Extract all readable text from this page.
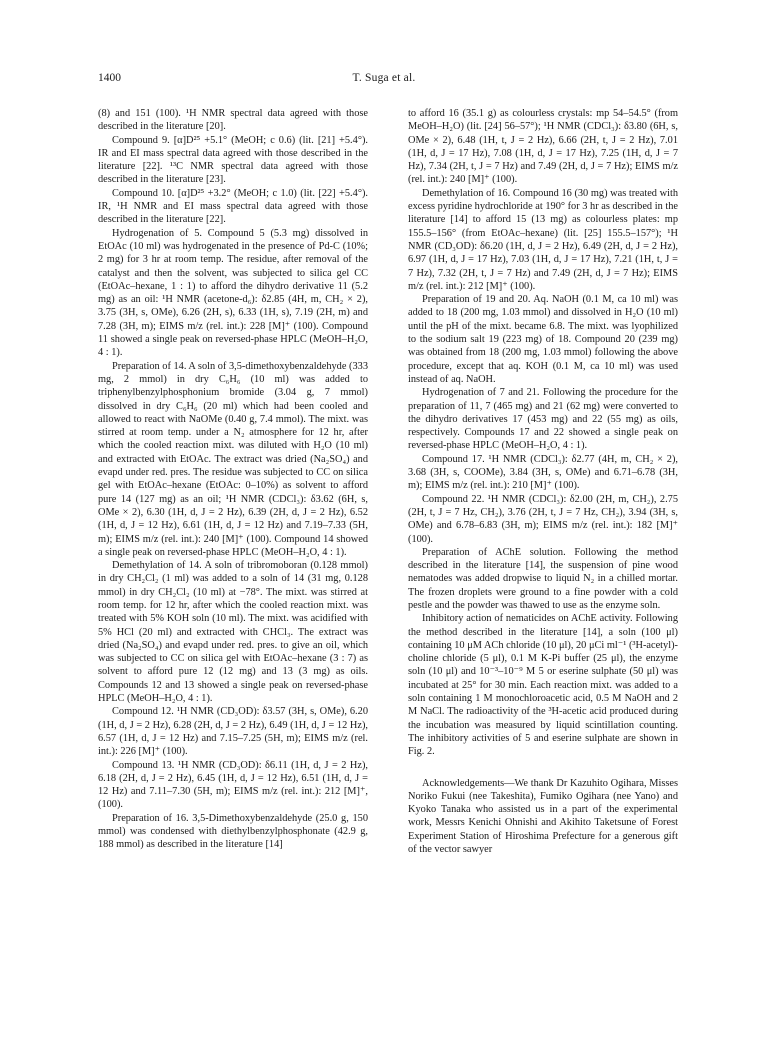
1400	T. Suga et al.

(8) and 151 (100). ¹H NMR spectral data agreed with those described in the literature [20].

Compound 9. [α]D²⁵ +5.1° (MeOH; c 0.6) (lit. [21] +5.4°). IR and EI mass spectral data agreed with those described in the literature [22]. ¹³C NMR spectral data agreed with those described in the literature [23].

Compound 10. [α]D²⁵ +3.2° (MeOH; c 1.0) (lit. [22] +5.4°). IR, ¹H NMR and EI mass spectral data agreed with those described in the literature [22].

Hydrogenation of 5. Compound 5 (5.3 mg) dissolved in EtOAc (10 ml) was hydrogenated in the presence of Pd-C (10%; 2 mg) for 3 hr at room temp. The residue, after removal of the catalyst and then the solvent, was subjected to silica gel CC (EtOAc–hexane, 1 : 1) to afford the dihydro derivative 11 (5.2 mg) as an oil: ¹H NMR (acetone-d₆): δ2.85 (4H, m, CH₂ × 2), 3.75 (3H, s, OMe), 6.26 (2H, s), 6.33 (1H, s), 7.19 (2H, m) and 7.28 (3H, m); EIMS m/z (rel. int.): 228 [M]⁺ (100). Compound 11 showed a single peak on reversed-phase HPLC (MeOH–H₂O, 4 : 1).

Preparation of 14. A soln of 3,5-dimethoxybenzaldehyde (333 mg, 2 mmol) in dry C₆H₆ (10 ml) was added to triphenylbenzylphosphonium bromide (3.04 g, 7 mmol) dissolved in dry C₆H₆ (20 ml) which had been cooled and allowed to react with NaOMe (0.40 g, 7.4 mmol). The mixt. was stirred at room temp. under a N₂ atmosphere for 12 hr, after which the cooled reaction mixt. was diluted with H₂O (10 ml) and extracted with EtOAc. The extract was dried (Na₂SO₄) and evapd under red. pres. The residue was subjected to CC on silica gel with EtOAc–hexane (EtOAc: 0–10%) as solvent to afford pure 14 (127 mg) as an oil; ¹H NMR (CDCl₃): δ3.62 (6H, s, OMe × 2), 6.30 (1H, d, J = 2 Hz), 6.39 (2H, d, J = 2 Hz), 6.52 (1H, d, J = 12 Hz), 6.61 (1H, d, J = 12 Hz) and 7.19–7.33 (5H, m); EIMS m/z (rel. int.): 240 [M]⁺ (100). Compound 14 showed a single peak on reversed-phase HPLC (MeOH–H₂O, 4 : 1).

Demethylation of 14. A soln of tribromoboran (0.128 mmol) in dry CH₂Cl₂ (1 ml) was added to a soln of 14 (31 mg, 0.128 mmol) in dry CH₂Cl₂ (10 ml) at −78°. The mixt. was stirred at room temp. for 12 hr, after which the cooled reaction mixt. was treated with 5% KOH soln (10 ml). The mixt. was acidified with 5% HCl (20 ml) and extracted with CHCl₃. The extract was dried (Na₂SO₄) and evapd under red. pres. to give an oil, which was subjected to CC on silica gel with EtOAc–hexane (3 : 7) as solvent to afford pure 12 (12 mg) and 13 (3 mg) as oils. Compounds 12 and 13 showed a single peak on reversed-phase HPLC (MeOH–H₂O, 4 : 1).

Compound 12. ¹H NMR (CD₃OD): δ3.57 (3H, s, OMe), 6.20 (1H, d, J = 2 Hz), 6.28 (2H, d, J = 2 Hz), 6.49 (1H, d, J = 12 Hz), 6.57 (1H, d, J = 12 Hz) and 7.15–7.25 (5H, m); EIMS m/z (rel. int.): 226 [M]⁺ (100).

Compound 13. ¹H NMR (CD₃OD): δ6.11 (1H, d, J = 2 Hz), 6.18 (2H, d, J = 2 Hz), 6.45 (1H, d, J = 12 Hz), 6.51 (1H, d, J = 12 Hz) and 7.11–7.30 (5H, m); EIMS m/z (rel. int.): 212 [M]⁺, (100).

Preparation of 16. 3,5-Dimethoxybenzaldehyde (25.0 g, 150 mmol) was condensed with diethylbenzylphosphonate (42.9 g, 188 mmol) as described in the literature [14]

to afford 16 (35.1 g) as colourless crystals: mp 54–54.5° (from MeOH–H₂O) (lit. [24] 56–57°); ¹H NMR (CDCl₃): δ3.80 (6H, s, OMe × 2), 6.48 (1H, t, J = 2 Hz), 6.66 (2H, t, J = 2 Hz), 7.01 (1H, d, J = 17 Hz), 7.08 (1H, d, J = 17 Hz), 7.25 (1H, d, J = 7 Hz), 7.34 (2H, t, J = 7 Hz) and 7.49 (2H, d, J = 7 Hz); EIMS m/z (rel. int.): 240 [M]⁺ (100).

Demethylation of 16. Compound 16 (30 mg) was treated with excess pyridine hydrochloride at 190° for 3 hr as described in the literature [14] to afford 15 (13 mg) as colourless plates: mp 155.5–156° (from EtOAc–hexane) (lit. [25] 155.5–157°); ¹H NMR (CD₃OD): δ6.20 (1H, d, J = 2 Hz), 6.49 (2H, d, J = 2 Hz), 6.97 (1H, d, J = 17 Hz), 7.03 (1H, d, J = 17 Hz), 7.21 (1H, t, J = 7 Hz), 7.32 (2H, t, J = 7 Hz) and 7.49 (2H, d, J = 7 Hz); EIMS m/z (rel. int.): 212 [M]⁺ (100).

Preparation of 19 and 20. Aq. NaOH (0.1 M, ca 10 ml) was added to 18 (200 mg, 1.03 mmol) and dissolved in H₂O (10 ml) until the pH of the mixt. became 6.8. The mixt. was lyophilized to the sodium salt 19 (223 mg) of 18. Compound 20 (239 mg) was obtained from 18 (200 mg, 1.03 mmol) following the above procedure, except that aq. KOH (0.1 M, ca 10 ml) was used instead of aq. NaOH.

Hydrogenation of 7 and 21. Following the procedure for the preparation of 11, 7 (465 mg) and 21 (62 mg) were converted to the dihydro derivatives 17 (453 mg) and 22 (55 mg) as oils, respectively. Compounds 17 and 22 showed a single peak on reversed-phase HPLC (MeOH–H₂O, 4 : 1).

Compound 17. ¹H NMR (CDCl₃): δ2.77 (4H, m, CH₂ × 2), 3.68 (3H, s, COOMe), 3.84 (3H, s, OMe) and 6.71–6.78 (3H, m); EIMS m/z (rel. int.): 210 [M]⁺ (100).

Compound 22. ¹H NMR (CDCl₃): δ2.00 (2H, m, CH₂), 2.75 (2H, t, J = 7 Hz, CH₂), 3.76 (2H, t, J = 7 Hz, CH₂), 3.94 (3H, s, OMe) and 6.78–6.83 (3H, m); EIMS m/z (rel. int.): 182 [M]⁺ (100).

Preparation of AChE solution. Following the method described in the literature [14], the suspension of pine wood nematodes was added dropwise to liquid N₂ in a chilled mortar. The frozen droplets were ground to a fine powder with a cold pestle and the powder was thawed to use as the enzyme soln.

Inhibitory action of nematicides on AChE activity. Following the method described in the literature [14], a soln (100 μl) containing 10 μM ACh chloride (10 μl), 20 μCi ml⁻¹ (³H-acetyl)-choline chloride (5 μl), 0.1 M K-Pi buffer (25 μl), the enzyme soln (10 μl) and 10⁻³–10⁻⁹ M 5 or eserine sulphate (50 μl) was incubated at 25° for 30 min. Each reaction mixt. was added to a soln containing 1 M monochloroacetic acid, 0.5 M NaOH and 2 M NaCl. The radioactivity of the ³H-acetic acid produced during the incubation was measured by liquid scintillation counting. The inhibitory activities of 5 and eserine sulphate are shown in Fig. 2.

Acknowledgements—We thank Dr Kazuhito Ogihara, Misses Noriko Fukui (nee Takeshita), Fumiko Ogihara (nee Yano) and Kyoko Tanaka who assisted us in a part of the experimental work, Messrs Kenichi Ohnishi and Akihito Taketsune of Forest Experiment Station of Hiroshima Prefecture for a generous gift of the vector sawyer
